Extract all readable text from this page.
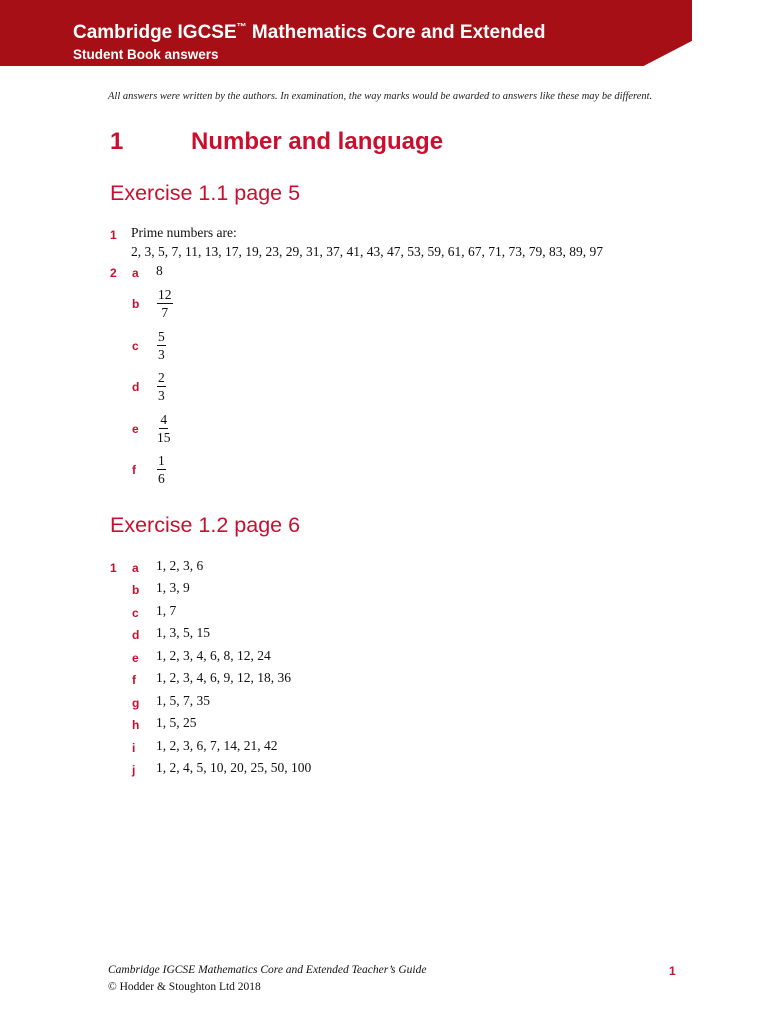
Cambridge IGCSE™ Mathematics Core and Extended
Student Book answers
All answers were written by the authors. In examination, the way marks would be awarded to answers like these may be different.
1	Number and language
Exercise 1.1 page 5
1 Prime numbers are:
2, 3, 5, 7, 11, 13, 17, 19, 23, 29, 31, 37, 41, 43, 47, 53, 59, 61, 67, 71, 73, 79, 83, 89, 97
2 a 8
b $\frac{12}{7}$
c $\frac{5}{3}$
d $\frac{2}{3}$
e $\frac{4}{15}$
f $\frac{1}{6}$
Exercise 1.2 page 6
1 a 1, 2, 3, 6
b 1, 3, 9
c 1, 7
d 1, 3, 5, 15
e 1, 2, 3, 4, 6, 8, 12, 24
f 1, 2, 3, 4, 6, 9, 12, 18, 36
g 1, 5, 7, 35
h 1, 5, 25
i 1, 2, 3, 6, 7, 14, 21, 42
j 1, 2, 4, 5, 10, 20, 25, 50, 100
Cambridge IGCSE Mathematics Core and Extended Teacher’s Guide
© Hodder & Stoughton Ltd 2018
1
